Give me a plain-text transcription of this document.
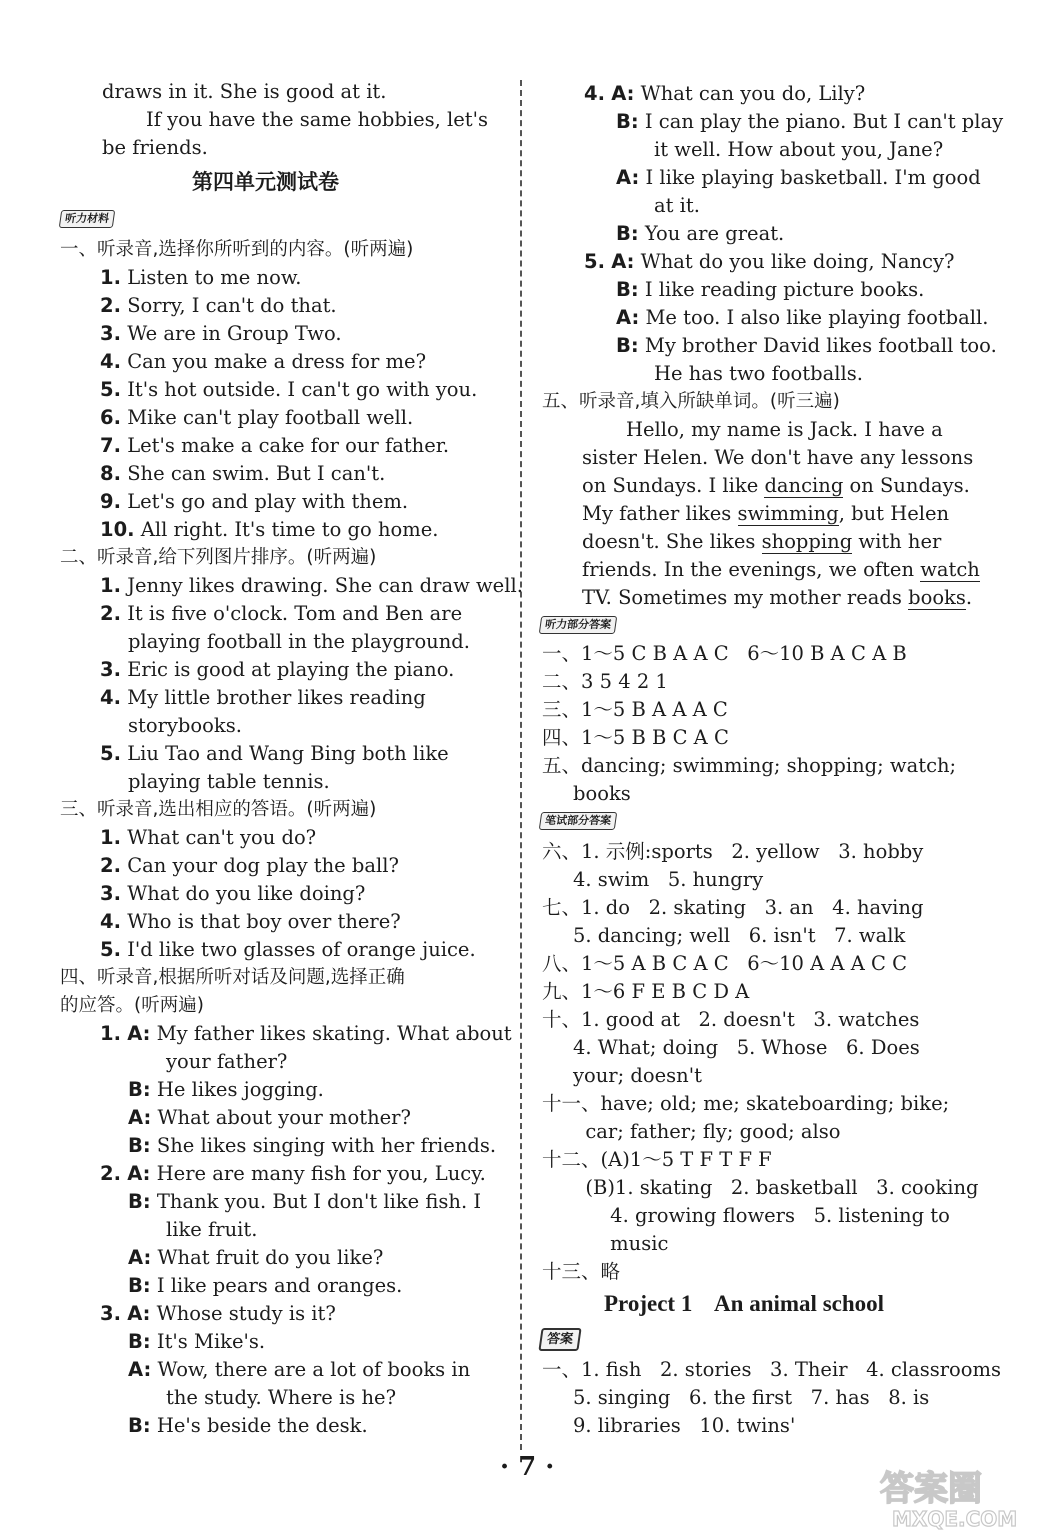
draws in it. She is good at it.
If you have the same hobbies, let's
be friends.
第四单元测试卷
听力材料
一、听录音,选择你所听到的内容。(听两遍)
1. Listen to me now.
2. Sorry, I can't do that.
3. We are in Group Two.
4. Can you make a dress for me?
5. It's hot outside. I can't go with you.
6. Mike can't play football well.
7. Let's make a cake for our father.
8. She can swim. But I can't.
9. Let's go and play with them.
10. All right. It's time to go home.
二、听录音,给下列图片排序。(听两遍)
1. Jenny likes drawing. She can draw well.
2. It is five o'clock. Tom and Ben are
playing football in the playground.
3. Eric is good at playing the piano.
4. My little brother likes reading
storybooks.
5. Liu Tao and Wang Bing both like
playing table tennis.
三、听录音,选出相应的答语。(听两遍)
1. What can't you do?
2. Can your dog play the ball?
3. What do you like doing?
4. Who is that boy over there?
5. I'd like two glasses of orange juice.
四、听录音,根据所听对话及问题,选择正确
的应答。(听两遍)
1. A: My father likes skating. What about
your father?
B: He likes jogging.
A: What about your mother?
B: She likes singing with her friends.
2. A: Here are many fish for you, Lucy.
B: Thank you. But I don't like fish. I
like fruit.
A: What fruit do you like?
B: I like pears and oranges.
3. A: Whose study is it?
B: It's Mike's.
A: Wow, there are a lot of books in
the study. Where is he?
B: He's beside the desk.
4. A: What can you do, Lily?
B: I can play the piano. But I can't play
it well. How about you, Jane?
A: I like playing basketball. I'm good
at it.
B: You are great.
5. A: What do you like doing, Nancy?
B: I like reading picture books.
A: Me too. I also like playing football.
B: My brother David likes football too.
He has two footballs.
五、听录音,填入所缺单词。(听三遍)
Hello, my name is Jack. I have a
sister Helen. We don't have any lessons
on Sundays. I like dancing on Sundays.
My father likes swimming, but Helen
doesn't. She likes shopping with her
friends. In the evenings, we often watch
TV. Sometimes my mother reads books.
听力部分答案
一、1～5 C B A A C   6～10 B A C A B
二、3 5 4 2 1
三、1～5 B A A A C
四、1～5 B B C A C
五、dancing; swimming; shopping; watch;
books
笔试部分答案
六、1. 示例:sports   2. yellow   3. hobby
4. swim   5. hungry
七、1. do   2. skating   3. an   4. having
5. dancing; well   6. isn't   7. walk
八、1～5 A B C A C   6～10 A A A C C
九、1～6 F E B C D A
十、1. good at   2. doesn't   3. watches
4. What; doing   5. Whose   6. Does
your; doesn't
十一、have; old; me; skateboarding; bike;
car; father; fly; good; also
十二、(A)1～5 T F T F F
(B)1. skating   2. basketball   3. cooking
4. growing flowers   5. listening to
music
十三、略
Project 1    An animal school
答案
一、1. fish   2. stories   3. Their   4. classrooms
5. singing   6. the first   7. has   8. is
9. libraries   10. twins'
· 7 ·
答案圈
MXQE.COM
